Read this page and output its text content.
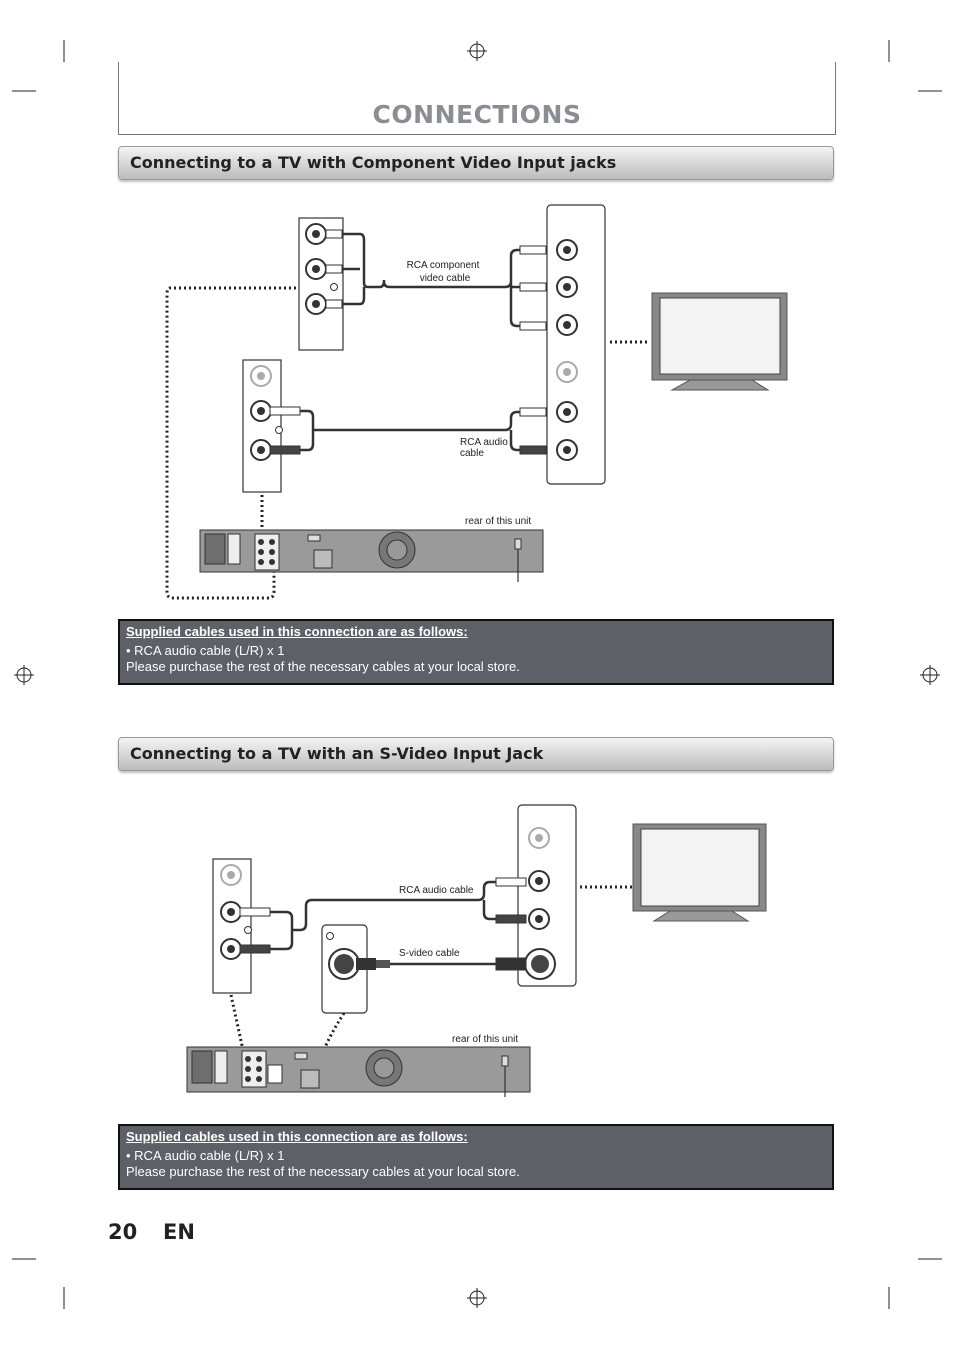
CONNECTIONS
Connecting to a TV with Component Video Input jacks
RCA component
video cable
RCA audio
cable
rear of this unit
Supplied cables used in this connection are as follows:
• RCA audio cable (L/R) x 1
Please purchase the rest of the necessary cables at your local store.
Connecting to a TV with an S-Video Input Jack
RCA audio cable
S-video cable
rear of this unit
Supplied cables used in this connection are as follows:
• RCA audio cable (L/R) x 1
Please purchase the rest of the necessary cables at your local store.
20 EN
